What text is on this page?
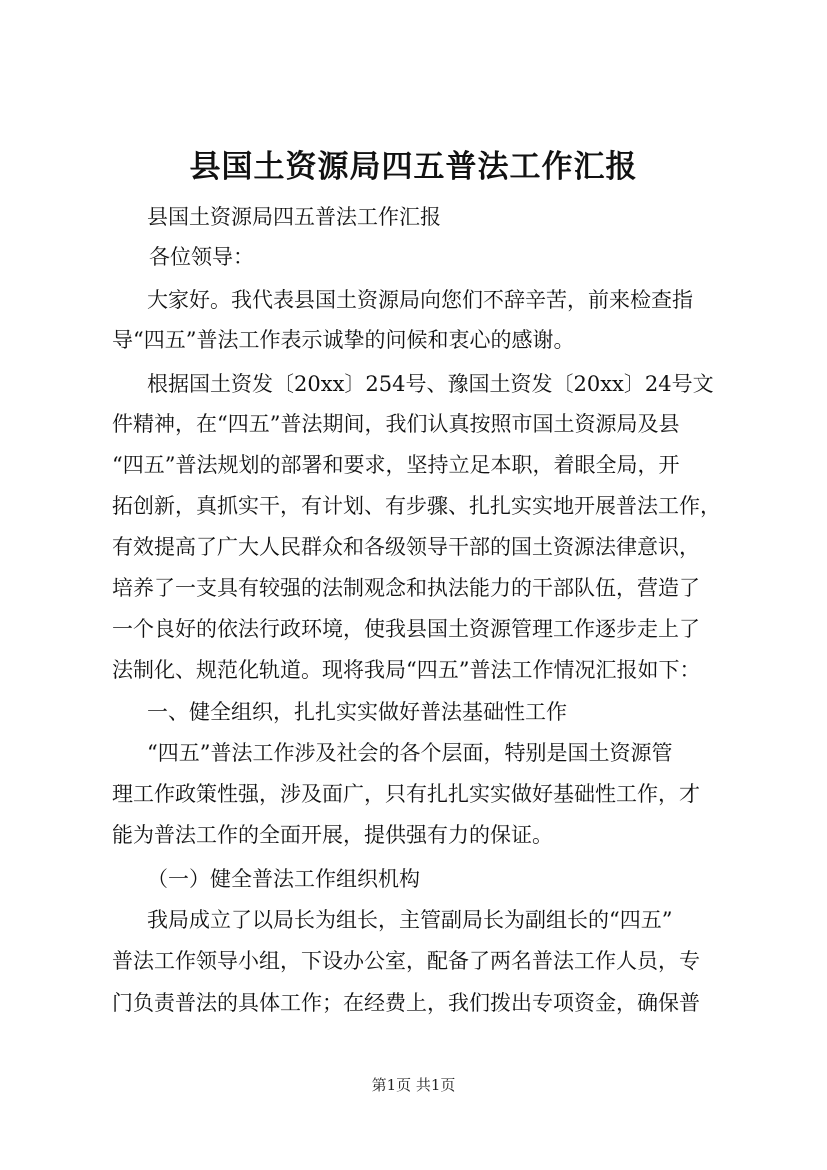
县国土资源局四五普法工作汇报
县国土资源局四五普法工作汇报
各位领导：
大家好。我代表县国土资源局向您们不辞辛苦，前来检查指
导“四五”普法工作表示诚挚的问候和衷心的感谢。
根据国土资发〔20xx〕254号、豫国土资发〔20xx〕24号文
件精神，在“四五”普法期间，我们认真按照市国土资源局及县
“四五”普法规划的部署和要求，坚持立足本职，着眼全局，开
拓创新，真抓实干，有计划、有步骤、扎扎实实地开展普法工作，
有效提高了广大人民群众和各级领导干部的国土资源法律意识，
培养了一支具有较强的法制观念和执法能力的干部队伍，营造了
一个良好的依法行政环境，使我县国土资源管理工作逐步走上了
法制化、规范化轨道。现将我局“四五”普法工作情况汇报如下：
一、健全组织，扎扎实实做好普法基础性工作
“四五”普法工作涉及社会的各个层面，特别是国土资源管
理工作政策性强，涉及面广，只有扎扎实实做好基础性工作，才
能为普法工作的全面开展，提供强有力的保证。
（一）健全普法工作组织机构
我局成立了以局长为组长，主管副局长为副组长的“四五”
普法工作领导小组，下设办公室，配备了两名普法工作人员，专
门负责普法的具体工作；在经费上，我们拨出专项资金，确保普
第1页 共1页
